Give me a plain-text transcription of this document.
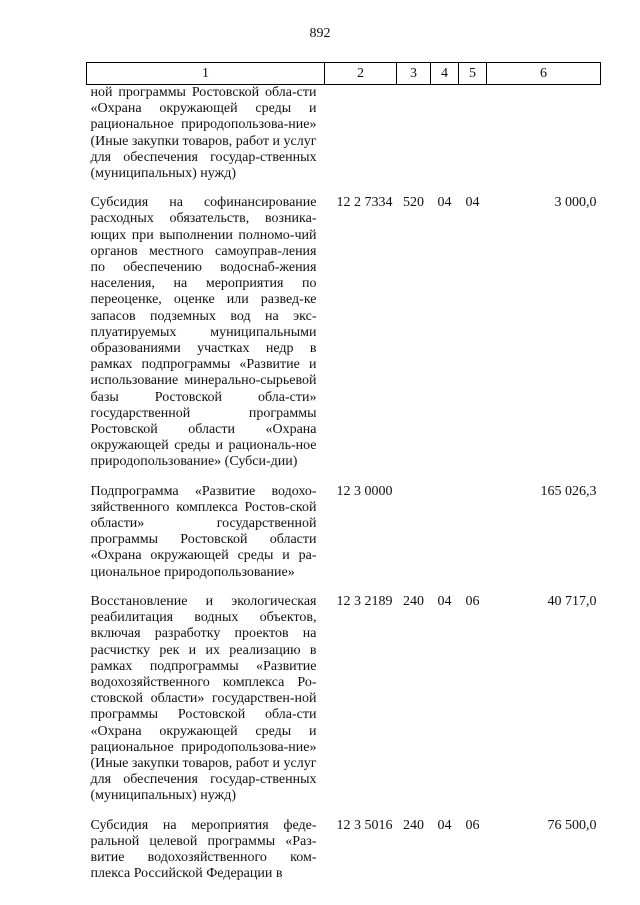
892
1	2	3	4	5	6
ной программы Ростовской обла-сти «Охрана окружающей среды и рациональное природопользова-ние» (Иные закупки товаров, работ и услуг для обеспечения государ-ственных (муниципальных) нужд)					
Субсидия на софинансирование расходных обязательств, возника-ющих при выполнении полномо-чий органов местного самоуправ-ления по обеспечению водоснаб-жения населения, на мероприятия по переоценке, оценке или развед-ке запасов подземных вод на экс-плуатируемых муниципальными образованиями участках недр в рамках подпрограммы «Развитие и использование минерально-сырьевой базы Ростовской обла-сти» государственной программы Ростовской области «Охрана окружающей среды и рациональ-ное природопользование» (Субси-дии)	12 2 7334	520	04	04	3 000,0
Подпрограмма «Развитие водохо-зяйственного комплекса Ростов-ской области» государственной программы Ростовской области «Охрана окружающей среды и ра-циональное природопользование»	12 3 0000				165 026,3
Восстановление и экологическая реабилитация водных объектов, включая разработку проектов на расчистку рек и их реализацию в рамках подпрограммы «Развитие водохозяйственного комплекса Ро-стовской области» государствен-ной программы Ростовской обла-сти «Охрана окружающей среды и рациональное природопользова-ние» (Иные закупки товаров, работ и услуг для обеспечения государ-ственных (муниципальных) нужд)	12 3 2189	240	04	06	40 717,0
Субсидия на мероприятия феде-ральной целевой программы «Раз-витие водохозяйственного ком-плекса Российской Федерации в	12 3 5016	240	04	06	76 500,0
